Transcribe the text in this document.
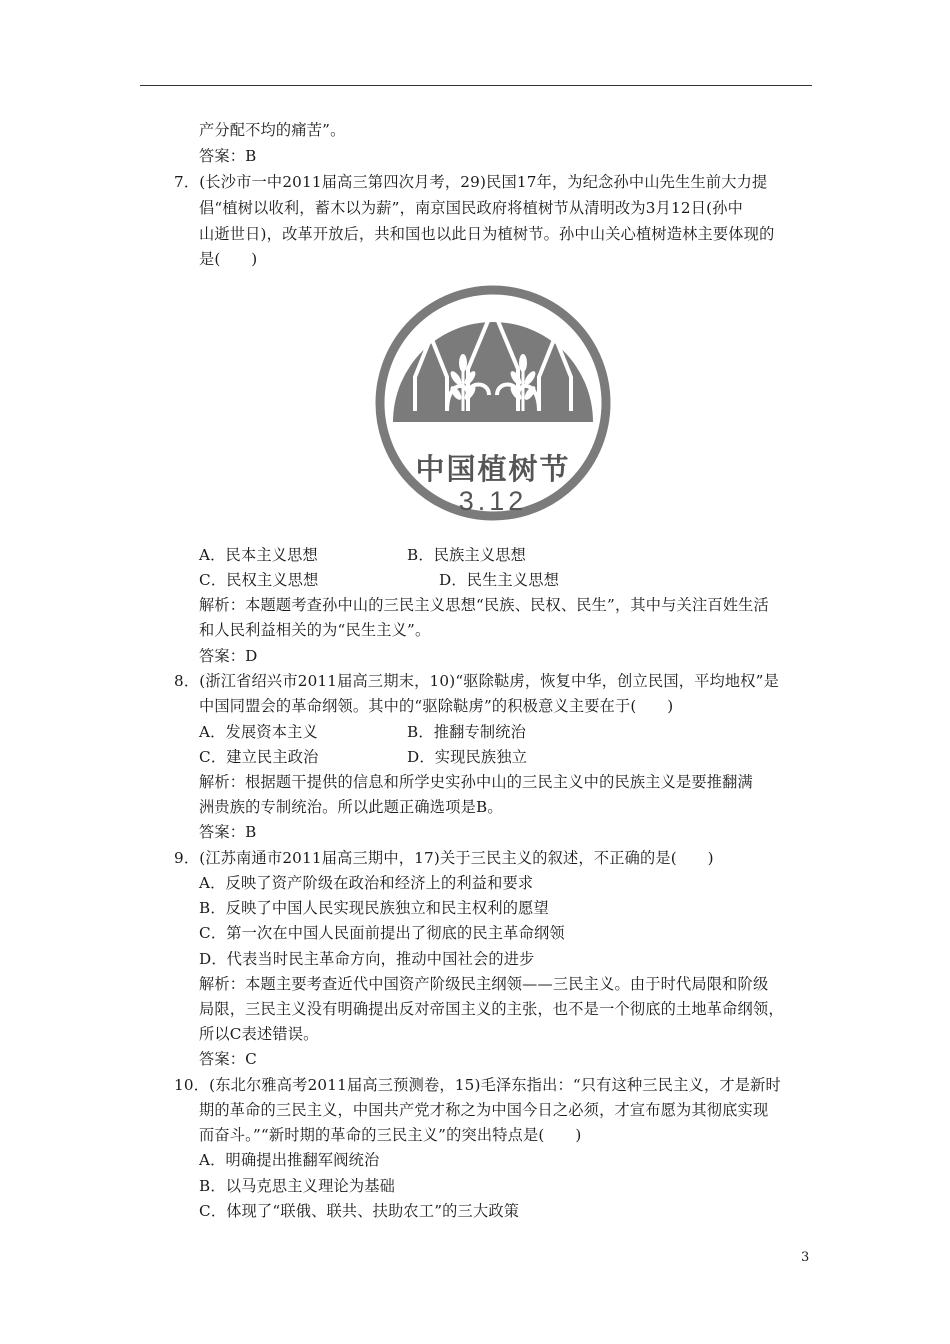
产分配不均的痛苦”。
答案：B
7．(长沙市一中2011届高三第四次月考，29)民国17年，为纪念孙中山先生生前大力提
倡“植树以收利，蓄木以为薪”，南京国民政府将植树节从清明改为3月12日(孙中
山逝世日)，改革开放后，共和国也以此日为植树节。孙中山关心植树造林主要体现的
是(　　)
中国植树节
3.12
A．民本主义思想	B．民族主义思想
C．民权主义思想	D．民生主义思想
解析：本题题考查孙中山的三民主义思想“民族、民权、民生”，其中与关注百姓生活
和人民利益相关的为“民生主义”。
答案：D
8．(浙江省绍兴市2011届高三期末，10)“驱除鞑虏，恢复中华，创立民国，平均地权”是
中国同盟会的革命纲领。其中的“驱除鞑虏”的积极意义主要在于(　　)
A．发展资本主义	B．推翻专制统治
C．建立民主政治	D．实现民族独立
解析：根据题干提供的信息和所学史实孙中山的三民主义中的民族主义是要推翻满
洲贵族的专制统治。所以此题正确选项是B。
答案：B
9．(江苏南通市2011届高三期中，17)关于三民主义的叙述，不正确的是(　　)
A．反映了资产阶级在政治和经济上的利益和要求
B．反映了中国人民实现民族独立和民主权利的愿望
C．第一次在中国人民面前提出了彻底的民主革命纲领
D．代表当时民主革命方向，推动中国社会的进步
解析：本题主要考查近代中国资产阶级民主纲领——三民主义。由于时代局限和阶级
局限，三民主义没有明确提出反对帝国主义的主张，也不是一个彻底的土地革命纲领，
所以C表述错误。
答案：C
10．(东北尔雅高考2011届高三预测卷，15)毛泽东指出：“只有这种三民主义，才是新时
期的革命的三民主义，中国共产党才称之为中国今日之必须，才宣布愿为其彻底实现
而奋斗。”“新时期的革命的三民主义”的突出特点是(　　)
A．明确提出推翻军阀统治
B．以马克思主义理论为基础
C．体现了“联俄、联共、扶助农工”的三大政策
3
